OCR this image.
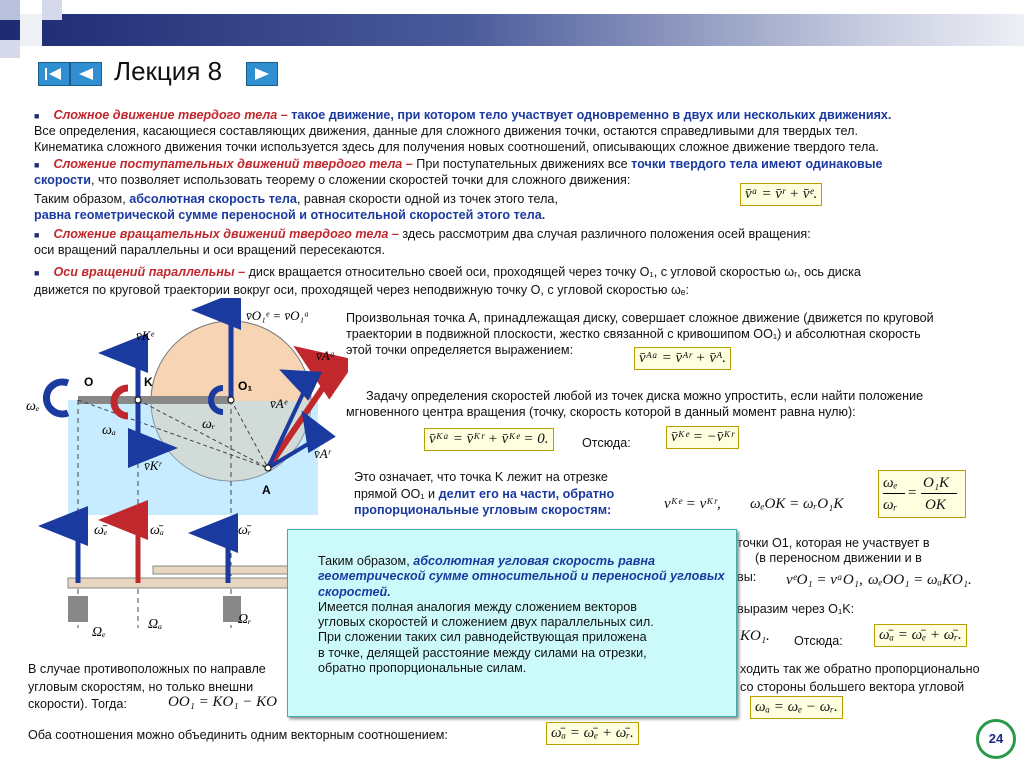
Лекция 8
■ Сложное движение твердого тела – такое движение, при котором тело участвует одновременно в двух или нескольких движениях.
Все определения, касающиеся составляющих движения, данные для сложного движения точки, остаются справедливыми для твердых тел.
Кинематика сложного движения точки используется здесь для получения новых соотношений, описывающих сложное движение твердого тела.
■ Сложение поступательных движений твердого тела – При поступательных движениях все точки твердого тела имеют одинаковые
скорости, что позволяет использовать теорему о сложении скоростей точки для сложного движения:
Таким образом, абсолютная скорость тела, равная скорости одной из точек этого тела,
равна геометрической сумме переносной и относительной скоростей этого тела.
v̄ᵃ = v̄ʳ + v̄ᵉ.
■ Сложение вращательных движений твердого тела – здесь рассмотрим два случая различного положения осей вращения:
оси вращений параллельны и оси вращений пересекаются.
■ Оси вращений параллельны – диск вращается относительно своей оси, проходящей через точку O₁, с угловой скоростью ωᵣ, ось диска
движется по круговой траектории вокруг оси, проходящей через неподвижную точку O, с угловой скоростью ωₑ:
v̄O₁ᵉ = v̄O₁ᵃ
v̄Kᵉ
v̄Kʳ
v̄Aᵃ
v̄Aᵉ
v̄Aʳ
O	K	O₁
A
ωₑ
ωₐ	ωᵣ
ω̄ₑ	ω̄ₐ	ω̄ᵣ
Ωₑ
Ωₐ	Ωᵣ
Произвольная точка A, принадлежащая диску, совершает сложное движение (движется по круговой
траектории в подвижной плоскости, жестко связанной с кривошипом OO₁) и абсолютная скорость
этой точки определяется выражением:	v̄ᴬᵃ = v̄ᴬʳ + v̄ᴬ.
Задачу определения скоростей любой из точек диска можно упростить, если найти положение
мгновенного центра вращения (точку, скорость которой в данный момент равна нулю):
v̄ᴷᵃ = v̄ᴷʳ + v̄ᴷᵉ = 0.	Отсюда:	v̄ᴷᵉ = −v̄ᴷʳ
Это означает, что точка K лежит на отрезке
прямой OO₁ и делит его на части, обратно
пропорциональные угловым скоростям:	vᴷᵉ = vᴷʳ, ωₑOK = ωᵣO₁K
ωₑ
ωᵣ
=
O₁K
OK
точки O1, которая не участвует в
(в переносном движении и в
вы: vᵉO₁ = vᵃO₁, ωₑOO₁ = ωₐKO₁.
выразим через O₁K:
KO₁. Отсюда:	ω̄ₐ = ω̄ₑ + ω̄ᵣ.
В случае противоположных по направле
угловым скоростям, но только внешни
скорости). Тогда:	OO₁ = KO₁ − KO
ходить так же обратно пропорционально
со стороны большего вектора угловой
ωₐ = ωₑ − ωᵣ.
Оба соотношения можно объединить одним векторным соотношением:	ω̄ₐ = ω̄ₑ + ω̄ᵣ.
Таким образом, абсолютная угловая скорость равна геометрической сумме относительной и переносной угловых скоростей.
Имеется полная аналогия между сложением векторов
угловых скоростей и сложением двух параллельных сил.
При сложении таких сил равнодействующая приложена
в точке, делящей расстояние между силами на отрезки,
обратно пропорциональные силам.
24
